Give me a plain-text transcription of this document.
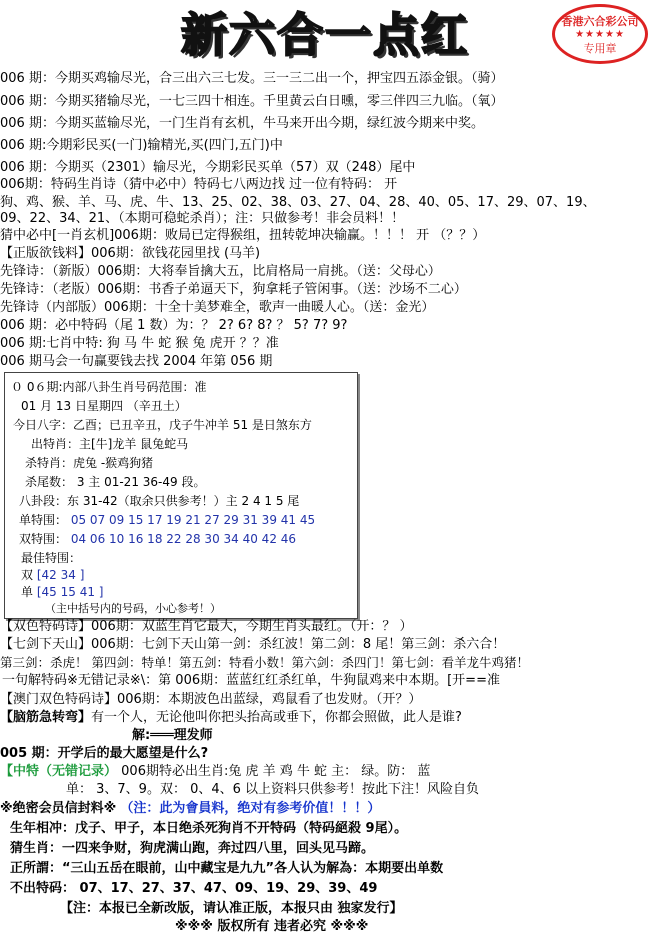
新六合一点红	香港六合彩公司
★★★★★
专用章
006 期：今期买鸡输尽光，合三出六三七发。三一三二出一个，押宝四五添金银。（骑）
006 期：今期买猪输尽光，一七三四十相连。千里黄云白日曛，零三伴四三九临。（氧）
006 期：今期买蓝输尽光，一门生肖有玄机，牛马来开出今期，绿红波今期来中奖。
006 期:今期彩民买(一门)输精光,买(四门,五门)中
006 期：今期买（2301）输尽光，今期彩民买单（57）双（248）尾中
006期：特码生肖诗（猜中必中）特码七八两边找 过一位有特码： 开
狗、鸡、猴、羊、马、虎、牛、13、25、02、38、03、27、04、28、40、05、17、29、07、19、
09、22、34、21、（本期可稳蛇杀肖）；注：只做参考！非会员料！！
猜中必中[一肖玄机]006期：败局已定得猴组，扭转乾坤决输赢。！！！ 开 （？？）
【正版欲钱料】006期：欲钱花园里找 (马羊)
先锋诗：（新版）006期：大将奉旨擒大五，比肩格局一肩挑。（送：父母心）
先锋诗：（老版）006期：书香子弟逼天下，狗拿耗子管闲事。（送：沙场不二心）
先锋诗（内部版）006期：十全十美梦难全，歌声一曲暖人心。（送：金光）
006 期：必中特码（尾 1 数）为：？ 2? 6? 8? ？ 5? 7? 9?
006 期:七肖中特: 狗 马 牛 蛇 猴 兔 虎开 ？？准
006 期马会一句赢要钱去找 2004 年第 056 期
０ 0６期:内部八卦生肖号码范围：准
01 月 13 日星期四 （辛丑土）
今日八字：乙酉；已丑辛丑，戊子牛冲羊 51 是日煞东方
出特肖：主[牛]龙羊 鼠兔蛇马
杀特肖：虎兔 -猴鸡狗猪
杀尾数： 3 主 01-21 36-49 段。
八卦段：东 31-42（取余只供参考！）主 2 4 1 5 尾
单特围： 05 07 09 15 17 19 21 27 29 31 39 41 45
双特围： 04 06 10 16 18 22 28 30 34 40 42 46
最佳特围：
双 [42 34 ]
单 [45 15 41 ]
（主中括号内的号码，小心参考！）
【双色特码诗】006期：双蓝生肖它最大，今期生肖头最红。（开：？ ）
【七剑下天山】006期：七剑下天山第一剑：杀红波！第二剑：8 尾！第三剑：杀六合！
第三剑：杀虎！ 第四剑：特单！第五剑：特看小数！第六剑：杀四门！第七剑：看羊龙牛鸡猪！
一句解特码※无错记录※\：第 006期：蓝蓝红红杀红单，牛狗鼠鸡来中本期。[开==准
【澳门双色特码诗】006期：本期波色出蓝绿，鸡鼠看了也发财。（开？）
【脑筋急转弯】有一个人，无论他叫你把头抬高或垂下，你都会照做，此人是谁?
解:═══理发师
005 期：开学后的最大愿望是什么?
【中特（无错记录） 006期特必出生肖:兔 虎 羊 鸡 牛 蛇 主： 绿。防： 蓝
单： 3、7、9。双： 0、4、6 以上资料只供参考！按此下注！风险自负
※绝密会员信封料※ （注：此为會員料，绝对有参考价值！！！）
生年相冲：戊子、甲子，本日绝杀死狗肖不开特码（特码絕殺 9尾）。
猜生肖：一四来争财，狗虎满山跑，奔过四八里，回头见马蹄。
正所謂：“三山五岳在眼前，山中藏宝是九九”各人认为解為：本期要出单数
不出特码： 07、17、27、37、47、09、19、29、39、49
【注：本报已全新改版，请认准正版，本报只由 独家发行】
※※※ 版权所有 违者必究 ※※※
